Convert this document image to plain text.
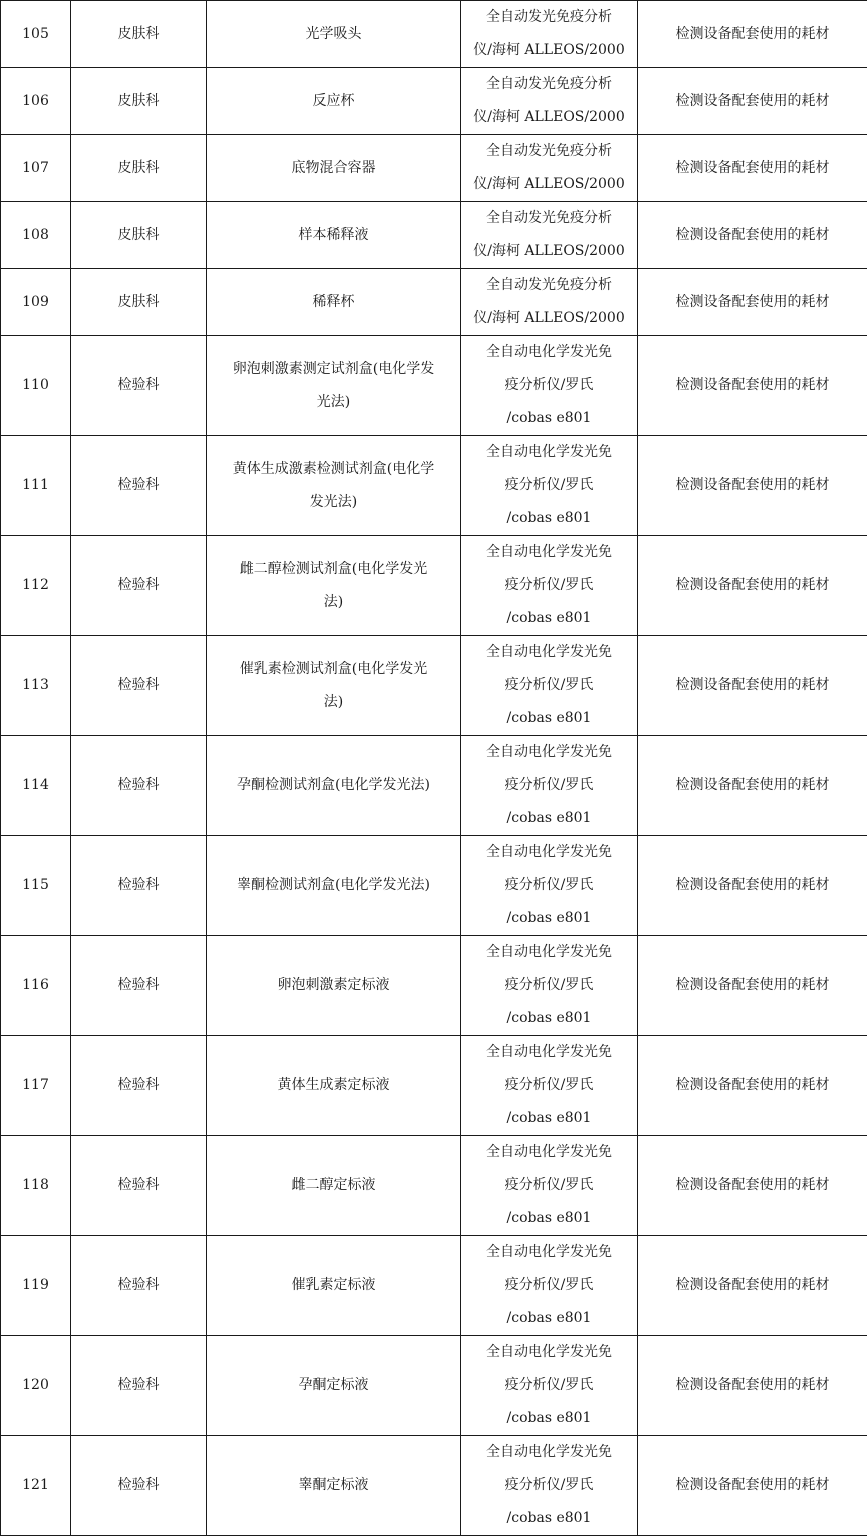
105	皮肤科	光学吸头	全自动发光免疫分析
仪/海柯 ALLEOS/2000	检测设备配套使用的耗材
106	皮肤科	反应杯	全自动发光免疫分析
仪/海柯 ALLEOS/2000	检测设备配套使用的耗材
107	皮肤科	底物混合容器	全自动发光免疫分析
仪/海柯 ALLEOS/2000	检测设备配套使用的耗材
108	皮肤科	样本稀释液	全自动发光免疫分析
仪/海柯 ALLEOS/2000	检测设备配套使用的耗材
109	皮肤科	稀释杯	全自动发光免疫分析
仪/海柯 ALLEOS/2000	检测设备配套使用的耗材
110	检验科	卵泡刺激素测定试剂盒(电化学发
光法)	全自动电化学发光免
疫分析仪/罗氏
/cobas e801	检测设备配套使用的耗材
111	检验科	黄体生成激素检测试剂盒(电化学
发光法)	全自动电化学发光免
疫分析仪/罗氏
/cobas e801	检测设备配套使用的耗材
112	检验科	雌二醇检测试剂盒(电化学发光
法)	全自动电化学发光免
疫分析仪/罗氏
/cobas e801	检测设备配套使用的耗材
113	检验科	催乳素检测试剂盒(电化学发光
法)	全自动电化学发光免
疫分析仪/罗氏
/cobas e801	检测设备配套使用的耗材
114	检验科	孕酮检测试剂盒(电化学发光法)	全自动电化学发光免
疫分析仪/罗氏
/cobas e801	检测设备配套使用的耗材
115	检验科	睾酮检测试剂盒(电化学发光法)	全自动电化学发光免
疫分析仪/罗氏
/cobas e801	检测设备配套使用的耗材
116	检验科	卵泡刺激素定标液	全自动电化学发光免
疫分析仪/罗氏
/cobas e801	检测设备配套使用的耗材
117	检验科	黄体生成素定标液	全自动电化学发光免
疫分析仪/罗氏
/cobas e801	检测设备配套使用的耗材
118	检验科	雌二醇定标液	全自动电化学发光免
疫分析仪/罗氏
/cobas e801	检测设备配套使用的耗材
119	检验科	催乳素定标液	全自动电化学发光免
疫分析仪/罗氏
/cobas e801	检测设备配套使用的耗材
120	检验科	孕酮定标液	全自动电化学发光免
疫分析仪/罗氏
/cobas e801	检测设备配套使用的耗材
121	检验科	睾酮定标液	全自动电化学发光免
疫分析仪/罗氏
/cobas e801	检测设备配套使用的耗材
